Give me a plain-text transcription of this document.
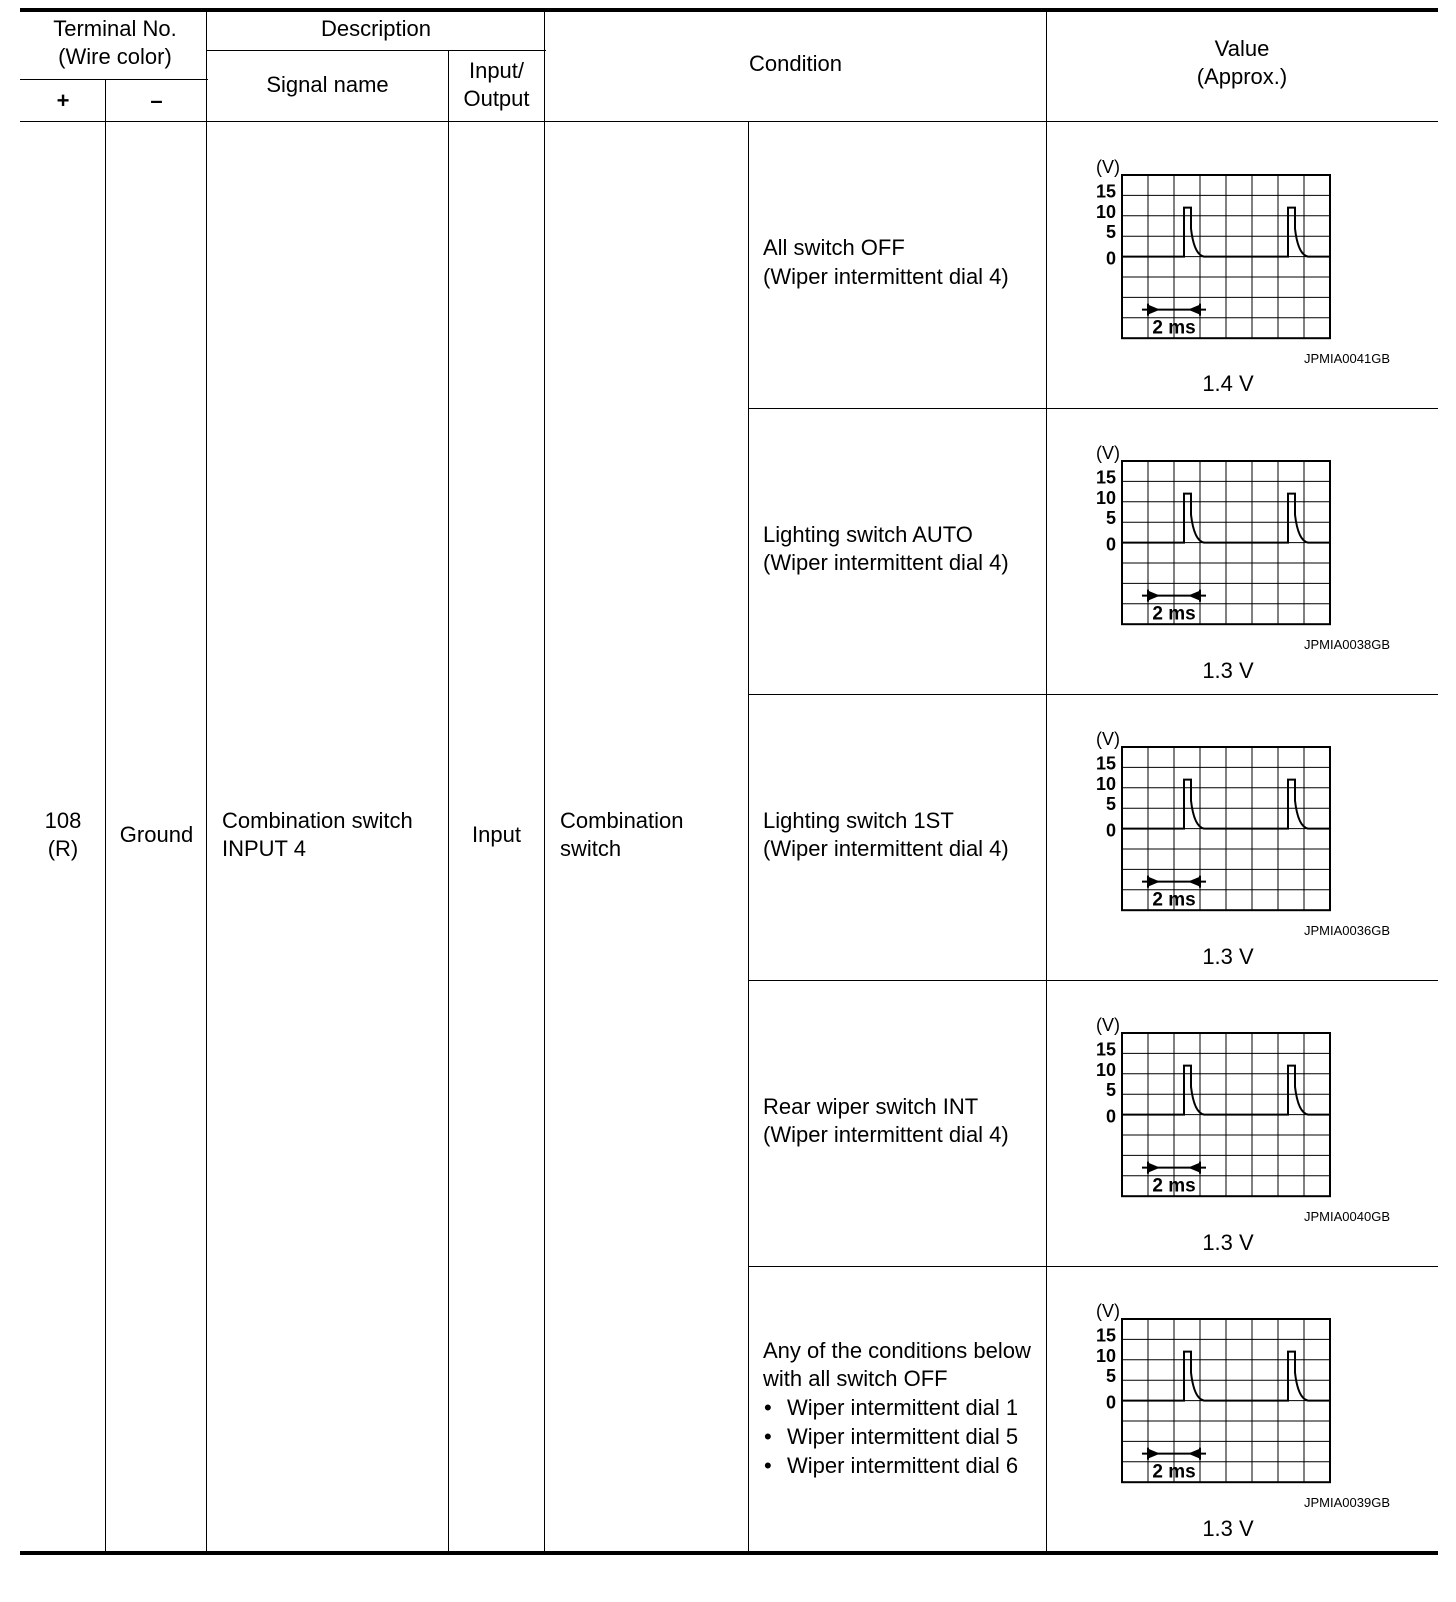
Terminal No.
(Wire color)
+	–
Description
Signal name
Input/
Output
Condition
Value
(Approx.)
108
(R)
Ground
Combination switch
INPUT 4
Input
Combination
switch
All switch OFF
(Wiper intermittent dial 4)
(V)
15
10
5
0
2 ms
JPMIA0041GB
1.4 V
Lighting switch AUTO
(Wiper intermittent dial 4)
(V)
15
10
5
0
2 ms
JPMIA0038GB
1.3 V
Lighting switch 1ST
(Wiper intermittent dial 4)
(V)
15
10
5
0
2 ms
JPMIA0036GB
1.3 V
Rear wiper switch INT
(Wiper intermittent dial 4)
(V)
15
10
5
0
2 ms
JPMIA0040GB
1.3 V
Any of the conditions below
with all switch OFF
• Wiper intermittent dial 1
• Wiper intermittent dial 5
• Wiper intermittent dial 6
(V)
15
10
5
0
2 ms
JPMIA0039GB
1.3 V
